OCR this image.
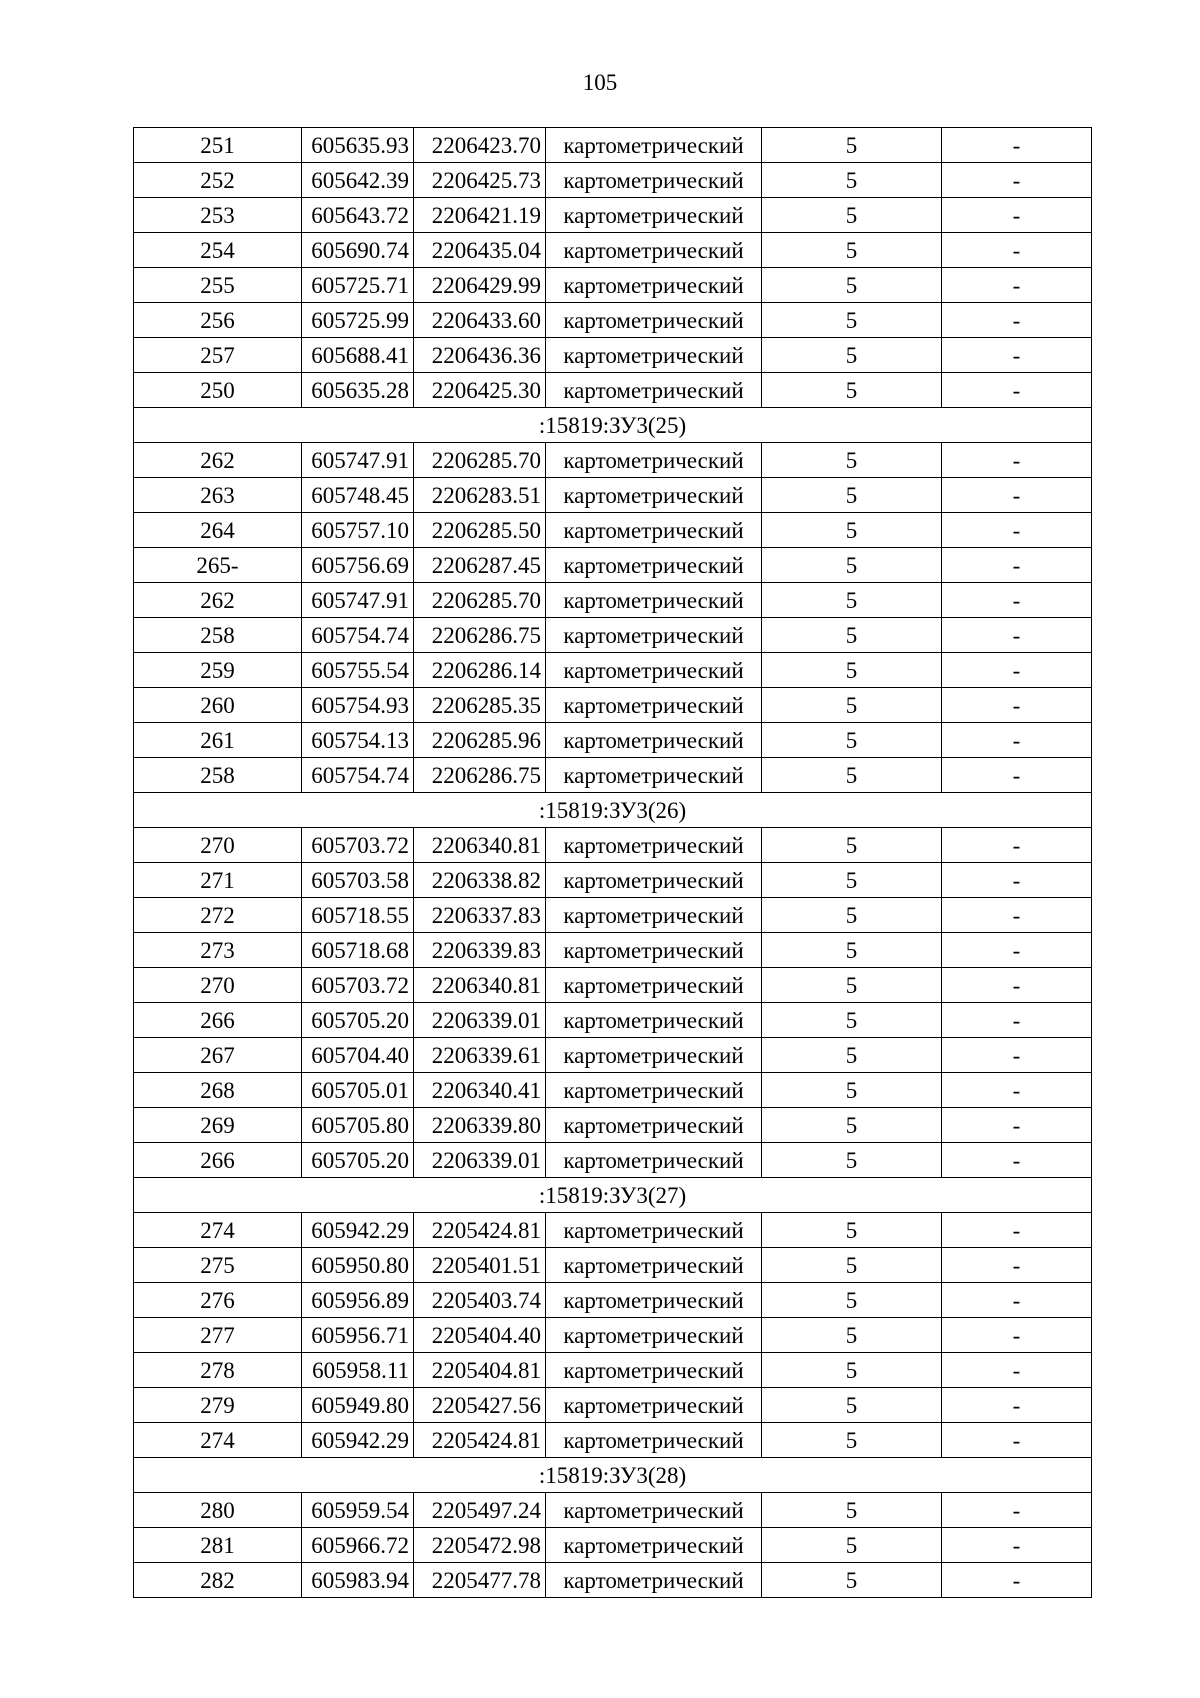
105
251	605635.93	2206423.70	картометрический	5	-
252	605642.39	2206425.73	картометрический	5	-
253	605643.72	2206421.19	картометрический	5	-
254	605690.74	2206435.04	картометрический	5	-
255	605725.71	2206429.99	картометрический	5	-
256	605725.99	2206433.60	картометрический	5	-
257	605688.41	2206436.36	картометрический	5	-
250	605635.28	2206425.30	картометрический	5	-
:15819:ЗУ3(25)					
262	605747.91	2206285.70	картометрический	5	-
263	605748.45	2206283.51	картометрический	5	-
264	605757.10	2206285.50	картометрический	5	-
265-	605756.69	2206287.45	картометрический	5	-
262	605747.91	2206285.70	картометрический	5	-
258	605754.74	2206286.75	картометрический	5	-
259	605755.54	2206286.14	картометрический	5	-
260	605754.93	2206285.35	картометрический	5	-
261	605754.13	2206285.96	картометрический	5	-
258	605754.74	2206286.75	картометрический	5	-
:15819:ЗУ3(26)					
270	605703.72	2206340.81	картометрический	5	-
271	605703.58	2206338.82	картометрический	5	-
272	605718.55	2206337.83	картометрический	5	-
273	605718.68	2206339.83	картометрический	5	-
270	605703.72	2206340.81	картометрический	5	-
266	605705.20	2206339.01	картометрический	5	-
267	605704.40	2206339.61	картометрический	5	-
268	605705.01	2206340.41	картометрический	5	-
269	605705.80	2206339.80	картометрический	5	-
266	605705.20	2206339.01	картометрический	5	-
:15819:ЗУ3(27)					
274	605942.29	2205424.81	картометрический	5	-
275	605950.80	2205401.51	картометрический	5	-
276	605956.89	2205403.74	картометрический	5	-
277	605956.71	2205404.40	картометрический	5	-
278	605958.11	2205404.81	картометрический	5	-
279	605949.80	2205427.56	картометрический	5	-
274	605942.29	2205424.81	картометрический	5	-
:15819:ЗУ3(28)					
280	605959.54	2205497.24	картометрический	5	-
281	605966.72	2205472.98	картометрический	5	-
282	605983.94	2205477.78	картометрический	5	-
